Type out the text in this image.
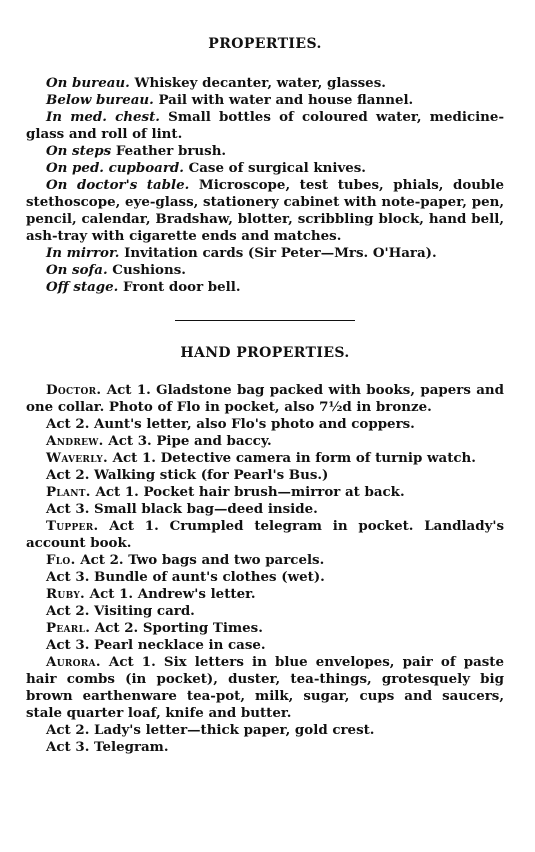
PROPERTIES.

On bureau. Whiskey decanter, water, glasses.

Below bureau. Pail with water and house flannel.

In med. chest. Small bottles of coloured water, medicine-glass and roll of lint.

On steps Feather brush.

On ped. cupboard. Case of surgical knives.

On doctor's table. Microscope, test tubes, phials, double stethoscope, eye-glass, stationery cabinet with note-paper, pen, pencil, calendar, Bradshaw, blotter, scribbling block, hand bell, ash-tray with cigarette ends and matches.

In mirror. Invitation cards (Sir Peter—Mrs. O'Hara).

On sofa. Cushions.

Off stage. Front door bell.

HAND PROPERTIES.

Doctor. Act 1. Gladstone bag packed with books, papers and one collar. Photo of Flo in pocket, also 7½d in bronze.

Act 2. Aunt's letter, also Flo's photo and coppers.

Andrew. Act 3. Pipe and baccy.

Waverly. Act 1. Detective camera in form of turnip watch.

Act 2. Walking stick (for Pearl's Bus.)

Plant. Act 1. Pocket hair brush—mirror at back.

Act 3. Small black bag—deed inside.

Tupper. Act 1. Crumpled telegram in pocket. Landlady's account book.

Flo. Act 2. Two bags and two parcels.

Act 3. Bundle of aunt's clothes (wet).

Ruby. Act 1. Andrew's letter.

Act 2. Visiting card.

Pearl. Act 2. Sporting Times.

Act 3. Pearl necklace in case.

Aurora. Act 1. Six letters in blue envelopes, pair of paste hair combs (in pocket), duster, tea-things, grotesquely big brown earthenware tea-pot, milk, sugar, cups and saucers, stale quarter loaf, knife and butter.

Act 2. Lady's letter—thick paper, gold crest.

Act 3. Telegram.
